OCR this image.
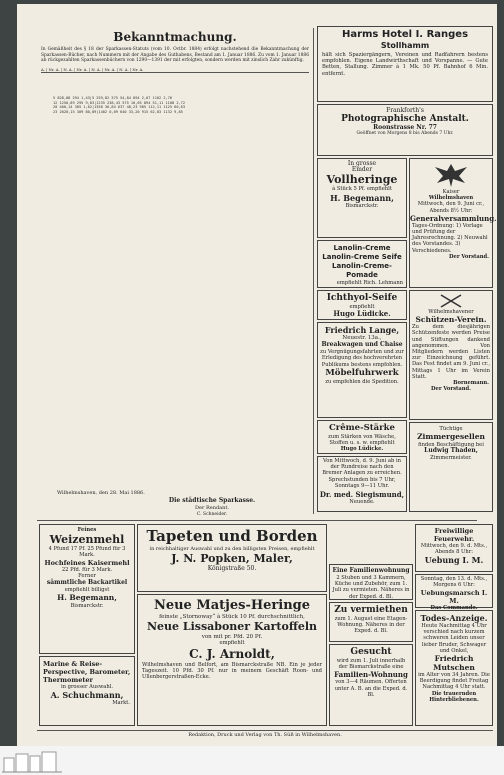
Bekanntmachung.
In Gemäßheit des § 18 der Sparkassen-Statuts (vom 10. Octbr. 1884) erfolgt nachstehend die Bekanntmachung der Sparkassen-Bücher, nach Nummern mit der Angabe des Guthabens, Bestand am 1. Januar 1886. Zu vom 1. Januar 1886 ab rückgezahlten Sparkassenbüchern von 1290—1391 der mit erfolgten, sondern werden mit zinslich Zahr zukünftig.
A. | Nr. A. | N. A. | Nr. A. | N. A. | Nr. A. | N. A. | Nr. A.
5 828,88 294 1,43|5 259,82 575 54,84 894 2,07 1102 2,76
12 1250,89 295 9,83|1235 238,43 575 10,65 894 51,11 1108 2,72
20 400,14 305 1,62|1358 36,84 637 48,23 905 112,11 1125 60,63
23 2020,15 309 80,89|1402 0,09 640 33,20 915 62,83 1132 9,85
Wilhelmshaven, den 28. Mai 1886.
Die städtische Sparkasse.
Der Rendant.
C. Schneider.
Harms Hotel I. Ranges
Stollhamm
hält sich Spaziergängern, Vereinen und Radfahrern bestens empfohlen. Eigene Landwirthschaft und Vorspanne. — Gute Betten, Stallung. Zimmer à 1 Mk. 50 Pf. Bahnhof 6 Min. entfernt.
Frankforth's
Photographische Anstalt.
Roonstrasse Nr. 77
Geöffnet von Morgens 8 bis Abends 7 Uhr.
In grosse
Emder
Vollheringe
à Stück 5 Pf. empfiehlt
H. Begemann,
Bismarckstr.
Lanolin-Creme
Lanolin-Creme Seife
Lanolin-Creme-Pomade
empfiehlt Rich. Lehmann
Ichthyol-Seife
empfiehlt
Hugo Lüdicke.
Friedrich Lange,
Neuestr. 13a.,
Breakwagen und Chaise
zu Vergnügungsfahrten und zur Erledigung des hochverehrten Publikums bestens empfohlen.
Möbelfuhrwerk
zu empfehlen die Spedition.
Crême-Stärke
zum Stärken von Wäsche, Stoffen u. s. w. empfiehlt
Hugo Lüdicke.
Von Mittwoch, d. 9. Juni ab in der Rundreise nach den Bremer Anlagen zu erreichen. Sprechstunden bis 7 Uhr, Sonntags 9—11 Uhr.
Dr. med. Siegismund,
Neuende.
Kaiser
Wilhelmshaven
Mittwoch, den 9. Juni cr., Abends 8½ Uhr:
Generalversammlung.
Tages-Ordnung: 1) Vorlage und Prüfung der Jahresrechnung. 2) Neuwahl des Vorstandes. 3) Verschiedenes.
Der Vorstand.
Wilhelmshavener
Schützen-Verein.
Zu dem diesjährigen Schützenfeste werden Preise und Stiftungen dankend angenommen. Von Mitgliedern werden Listen zur Einzeichnung geführt. Das Fest findet am 9. Juni cr., Mittags 1 Uhr im Verein Statt.
Bornemann.
Der Vorstand.
Tüchtige
Zimmergesellen
finden Beschäftigung bei
Ludwig Thaden,
Zimmermeister.
Feines
Weizenmehl
4 Pfund 17 Pf. 25 Pfund für 3 Mark.
Hochfeines Kaisermehl
22 Pfd. für 3 Mark.
Ferner
sämmtliche Backartikel
empfiehlt billigst
H. Begemann,
Bismarckstr.
Marine & Reise-Perspective, Barometer, Thermometer
in grosser Auswahl.
A. Schuchmann,
Markt.
Tapeten und Borden
in reichhaltiger Auswahl und zu den billigsten Preisen, empfiehlt
J. N. Popken, Maler,
Königstraße 50.
Neue Matjes-Heringe
feinste „Stornoway“ à Stück 10 Pf. durchschnittlich,
Neue Lissaboner Kartoffeln
von mit pr. Pfd. 20 Pf.
empfiehlt
C. J. Arnoldt,
Wilhelmshaven und Belfort, am Bismarckstraße NB. Ein je jeder Tageszeit. 10 Pfd. 30 Pf. nur in meinem Geschäft Roon- und Ullenbergerstraßen-Ecke.
Eine Familienwohnung
2 Stuben und 3 Kammern, Küche und Zubehör, zum 1. Juli zu vermieten. Näheres in der Exped. d. Bl.
Zu vermiethen
zum 1. August eine Etagen-Wohnung. Näheres in der Exped. d. Bl.
Gesucht
wird zum 1. Juli innerhalb der Bismarckstraße eine
Familien-Wohnung
von 3—4 Räumen. Offerten unter A. B. an die Exped. d. Bl.
Freiwillige Feuerwehr.
Mittwoch, den 9. d. Mts., Abends 8 Uhr:
Uebung I. M.
Sonntag, den 13. d. Mts., Morgens 6 Uhr:
Uebungsmarsch I. M.
Das Commando.
Todes-Anzeige.
Heute Nachmittag 4 Uhr verschied nach kurzem schweren Leiden unser lieber Bruder, Schwager und Onkel,
Friedrich Mutschen
im Alter von 34 Jahren. Die Beerdigung findet Freitag Nachmittag 4 Uhr statt.
Die trauernden Hinterbliebenen.
Redaktion, Druck und Verlag von Th. Süß in Wilhelmshaven.
